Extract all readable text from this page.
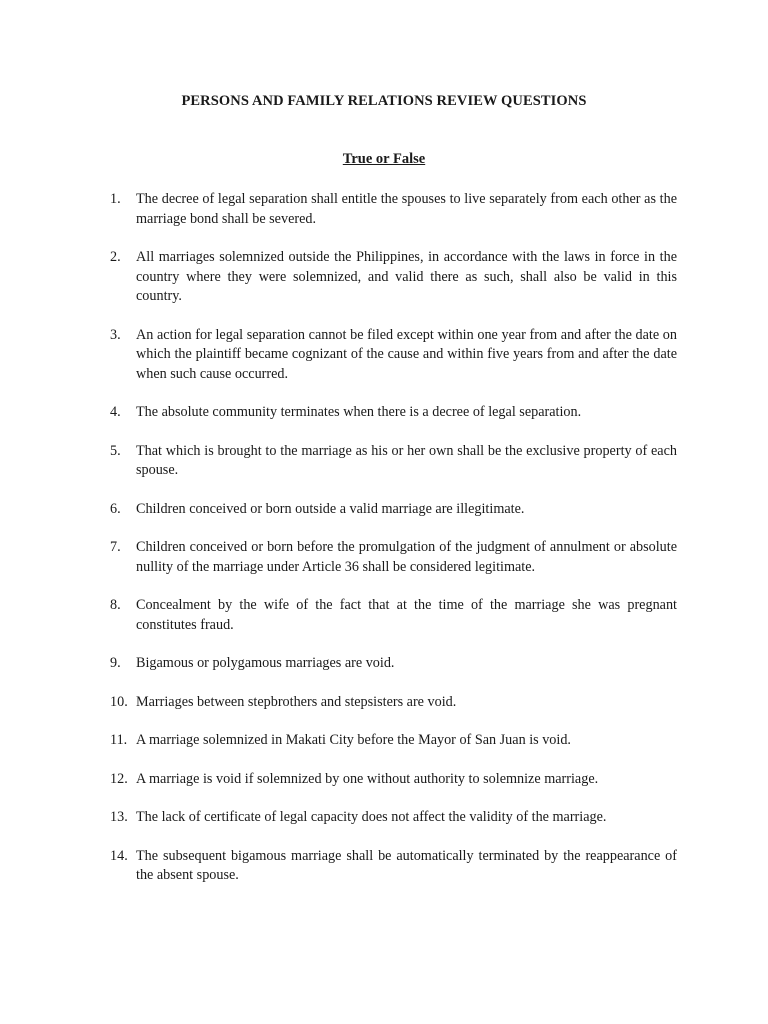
PERSONS AND FAMILY RELATIONS REVIEW QUESTIONS
True or False
1. The decree of legal separation shall entitle the spouses to live separately from each other as the marriage bond shall be severed.
2. All marriages solemnized outside the Philippines, in accordance with the laws in force in the country where they were solemnized, and valid there as such, shall also be valid in this country.
3. An action for legal separation cannot be filed except within one year from and after the date on which the plaintiff became cognizant of the cause and within five years from and after the date when such cause occurred.
4. The absolute community terminates when there is a decree of legal separation.
5. That which is brought to the marriage as his or her own shall be the exclusive property of each spouse.
6. Children conceived or born outside a valid marriage are illegitimate.
7. Children conceived or born before the promulgation of the judgment of annulment or absolute nullity of the marriage under Article 36 shall be considered legitimate.
8. Concealment by the wife of the fact that at the time of the marriage she was pregnant constitutes fraud.
9. Bigamous or polygamous marriages are void.
10. Marriages between stepbrothers and stepsisters are void.
11. A marriage solemnized in Makati City before the Mayor of San Juan is void.
12. A marriage is void if solemnized by one without authority to solemnize marriage.
13. The lack of certificate of legal capacity does not affect the validity of the marriage.
14. The subsequent bigamous marriage shall be automatically terminated by the reappearance of the absent spouse.
